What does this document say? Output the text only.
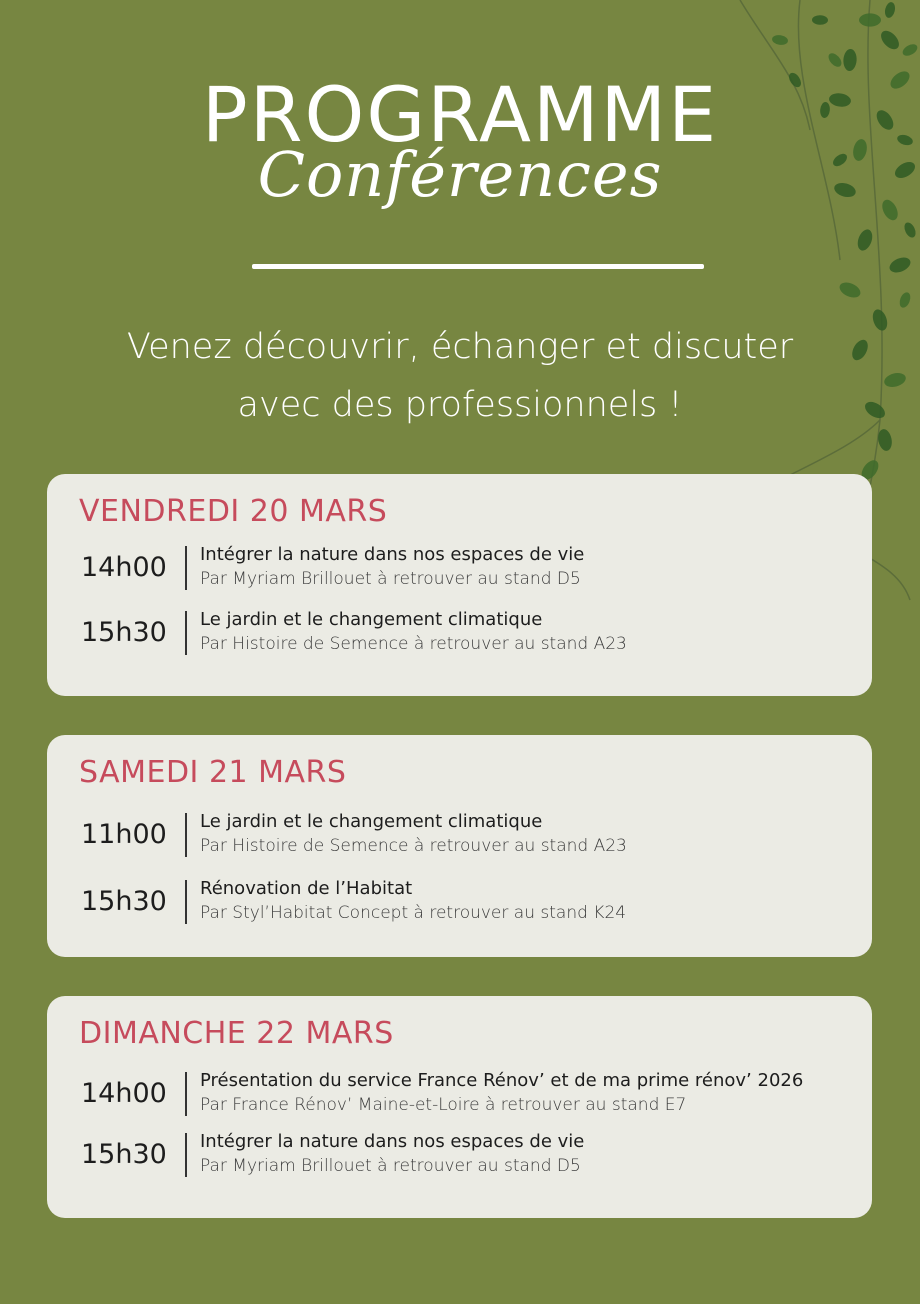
PROGRAMME
Conférences
Venez découvrir, échanger et discuter
avec des professionnels !
VENDREDI 20 MARS
14h00	Intégrer la nature dans nos espaces de vie
Par Myriam Brillouet à retrouver au stand D5
15h30	Le jardin et le changement climatique
Par Histoire de Semence à retrouver au stand A23
SAMEDI 21 MARS
11h00	Le jardin et le changement climatique
Par Histoire de Semence à retrouver au stand A23
15h30	Rénovation de l’Habitat
Par Styl’Habitat Concept à retrouver au stand K24
DIMANCHE 22 MARS
14h00	Présentation du service France Rénov’ et de ma prime rénov’ 2026
Par France Rénov’ Maine-et-Loire à retrouver au stand E7
15h30	Intégrer la nature dans nos espaces de vie
Par Myriam Brillouet à retrouver au stand D5
